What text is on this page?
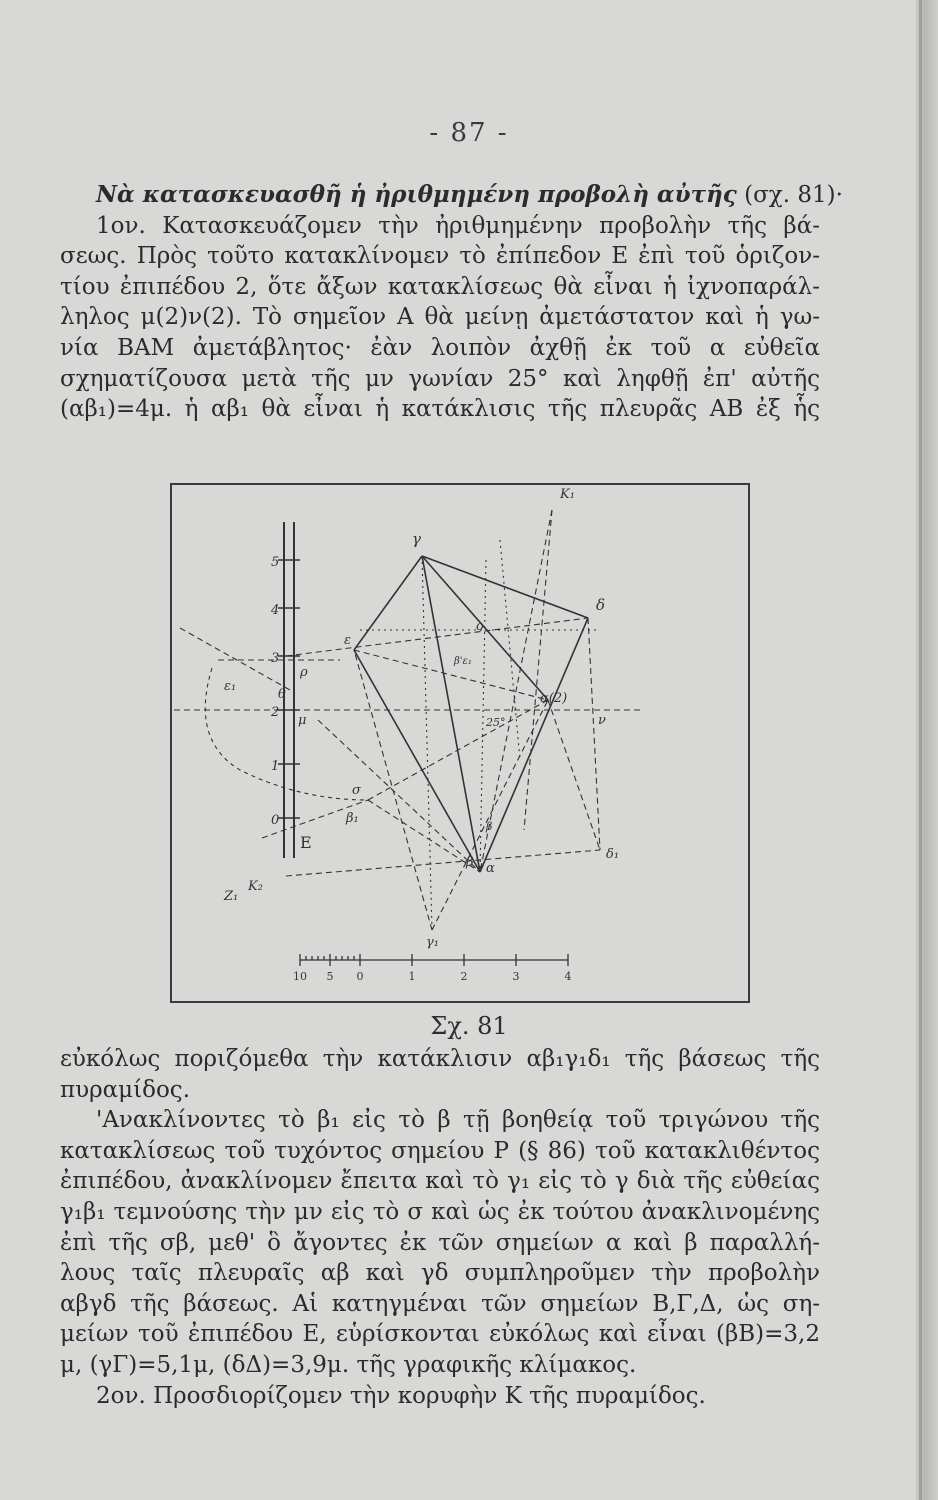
- 87 -
Νὰ κατασκευασθῆ ἡ ἠριθμημένη προβολὴ αὐτῆς (σχ. 81)·
1ον. Κατασκευάζομεν τὴν ἠριθμημένην προβολὴν τῆς βά-
σεως. Πρὸς τοῦτο κατακλίνομεν τὸ ἐπίπεδον Ε ἐπὶ τοῦ ὁριζον-
τίου ἐπιπέδου 2, ὅτε ἄξων κατακλίσεως θὰ εἶναι ἡ ἰχνοπαράλ-
ληλος μ(2)ν(2). Τὸ σημεῖον Α θὰ μείνῃ ἀμετάστατον καὶ ἡ γω-
νία ΒΑΜ ἀμετάβλητος· ἐὰν λοιπὸν ἀχθῇ ἐκ τοῦ α εὐθεῖα
σχηματίζουσα μετὰ τῆς μν γωνίαν 25° καὶ ληφθῇ ἐπ' αὐτῆς
(αβ₁)=4μ. ἡ αβ₁ θὰ εἶναι ἡ κατάκλισις τῆς πλευρᾶς ΑΒ ἐξ ἧς
K₁
γ
δ
5
4
3
2
1
0
ε
ρ
ε₁
θ
μ
β'ε₁
o
α(2)
ν
25°
β₁
σ
β
α
β
δ₁
Ε
Z₁
K₂
γ₁
10 5 0	1	2	3	4
Σχ. 81
εὐκόλως ποριζόμεθα τὴν κατάκλισιν αβ₁γ₁δ₁ τῆς βάσεως τῆς
πυραμίδος.
'Ανακλίνοντες τὸ β₁ εἰς τὸ β τῇ βοηθείᾳ τοῦ τριγώνου τῆς
κατακλίσεως τοῦ τυχόντος σημείου Ρ (§ 86) τοῦ κατακλιθέντος
ἐπιπέδου, ἀνακλίνομεν ἔπειτα καὶ τὸ γ₁ εἰς τὸ γ διὰ τῆς εὐθείας
γ₁β₁ τεμνούσης τὴν μν εἰς τὸ σ καὶ ὡς ἐκ τούτου ἀνακλινομένης
ἐπὶ τῆς σβ, μεθ' ὃ ἄγοντες ἐκ τῶν σημείων α καὶ β παραλλή-
λους ταῖς πλευραῖς αβ καὶ γδ συμπληροῦμεν τὴν προβολὴν
αβγδ τῆς βάσεως. Αἱ κατηγμέναι τῶν σημείων Β,Γ,Δ, ὡς ση-
μείων τοῦ ἐπιπέδου Ε, εὑρίσκονται εὐκόλως καὶ εἶναι (βΒ)=3,2
μ, (γΓ)=5,1μ, (δΔ)=3,9μ. τῆς γραφικῆς κλίμακος.
2ον. Προσδιορίζομεν τὴν κορυφὴν Κ τῆς πυραμίδος.
